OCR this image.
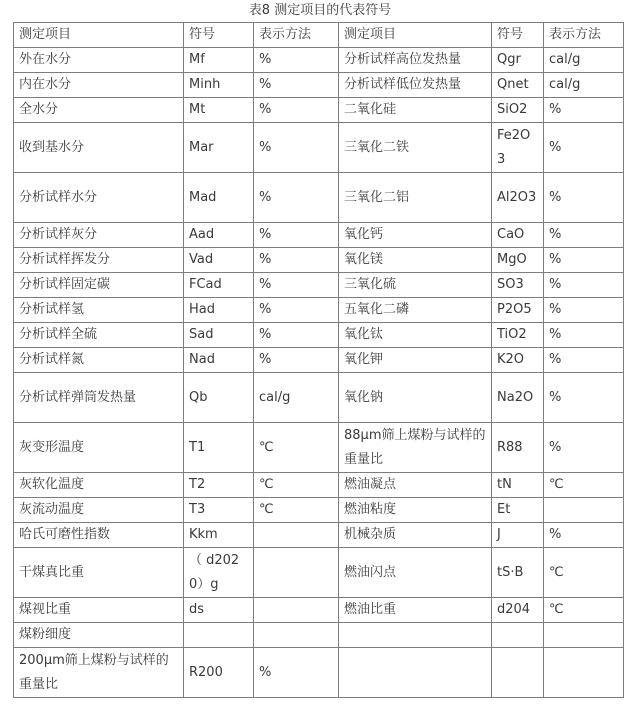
表8 测定项目的代表符号
测定项目	符号	表示方法	测定项目	符号	表示方法
外在水分	Mf	%	分析试样高位发热量	Qgr	cal/g
内在水分	Minh	%	分析试样低位发热量	Qnet	cal/g
全水分	Mt	%	二氧化硅	SiO2	%
收到基水分	Mar	%	三氧化二铁	Fe2O3	%
分析试样水分	Mad	%	三氧化二铝	Al2O3	%
分析试样灰分	Aad	%	氧化钙	CaO	%
分析试样挥发分	Vad	%	氧化镁	MgO	%
分析试样固定碳	FCad	%	三氧化硫	SO3	%
分析试样氢	Had	%	五氧化二磷	P2O5	%
分析试样全硫	Sad	%	氧化钛	TiO2	%
分析试样氮	Nad	%	氧化钾	K2O	%
分析试样弹筒发热量	Qb	cal/g	氧化钠	Na2O	%
灰变形温度	T1	℃	88μm筛上煤粉与试样的重量比	R88	%
灰软化温度	T2	℃	燃油凝点	tN	℃
灰流动温度	T3	℃	燃油粘度	Et	
哈氏可磨性指数	Kkm		机械杂质	J	%
干煤真比重	（ d2020）g		燃油闪点	tS·B	℃
煤视比重	ds		燃油比重	d204	℃
煤粉细度					
200μm筛上煤粉与试样的重量比	R200	%			
